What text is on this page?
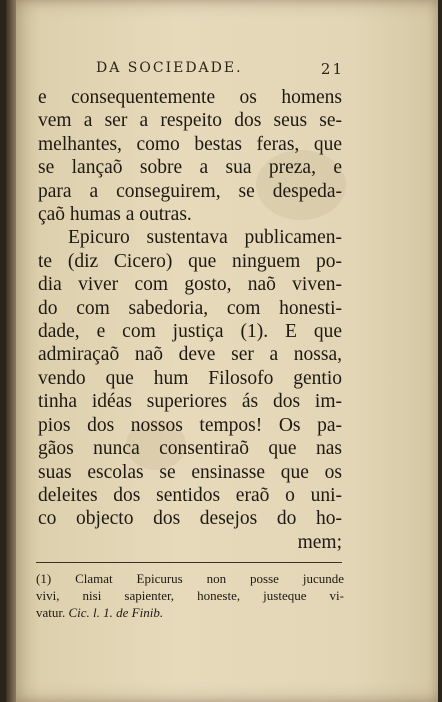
DA SOCIEDADE.	21
e consequentemente os homens
vem a ser a respeito dos seus se-
melhantes, como bestas feras, que
se lançaõ sobre a sua preza, e
para a conseguirem, se despeda-
çaõ humas a outras.
Epicuro sustentava publicamen-
te (diz Cicero) que ninguem po-
dia viver com gosto, naõ viven-
do com sabedoria, com honesti-
dade, e com justiça (1). E que
admiraçaõ naõ deve ser a nossa,
vendo que hum Filosofo gentio
tinha idéas superiores ás dos im-
pios dos nossos tempos! Os pa-
gãos nunca consentiraõ que nas
suas escolas se ensinasse que os
deleites dos sentidos eraõ o uni-
co objecto dos desejos do ho-
mem;
(1) Clamat Epicurus non posse jucunde
vivi, nisi sapienter, honeste, justeque vi-
vatur. Cic. l. 1. de Finib.
